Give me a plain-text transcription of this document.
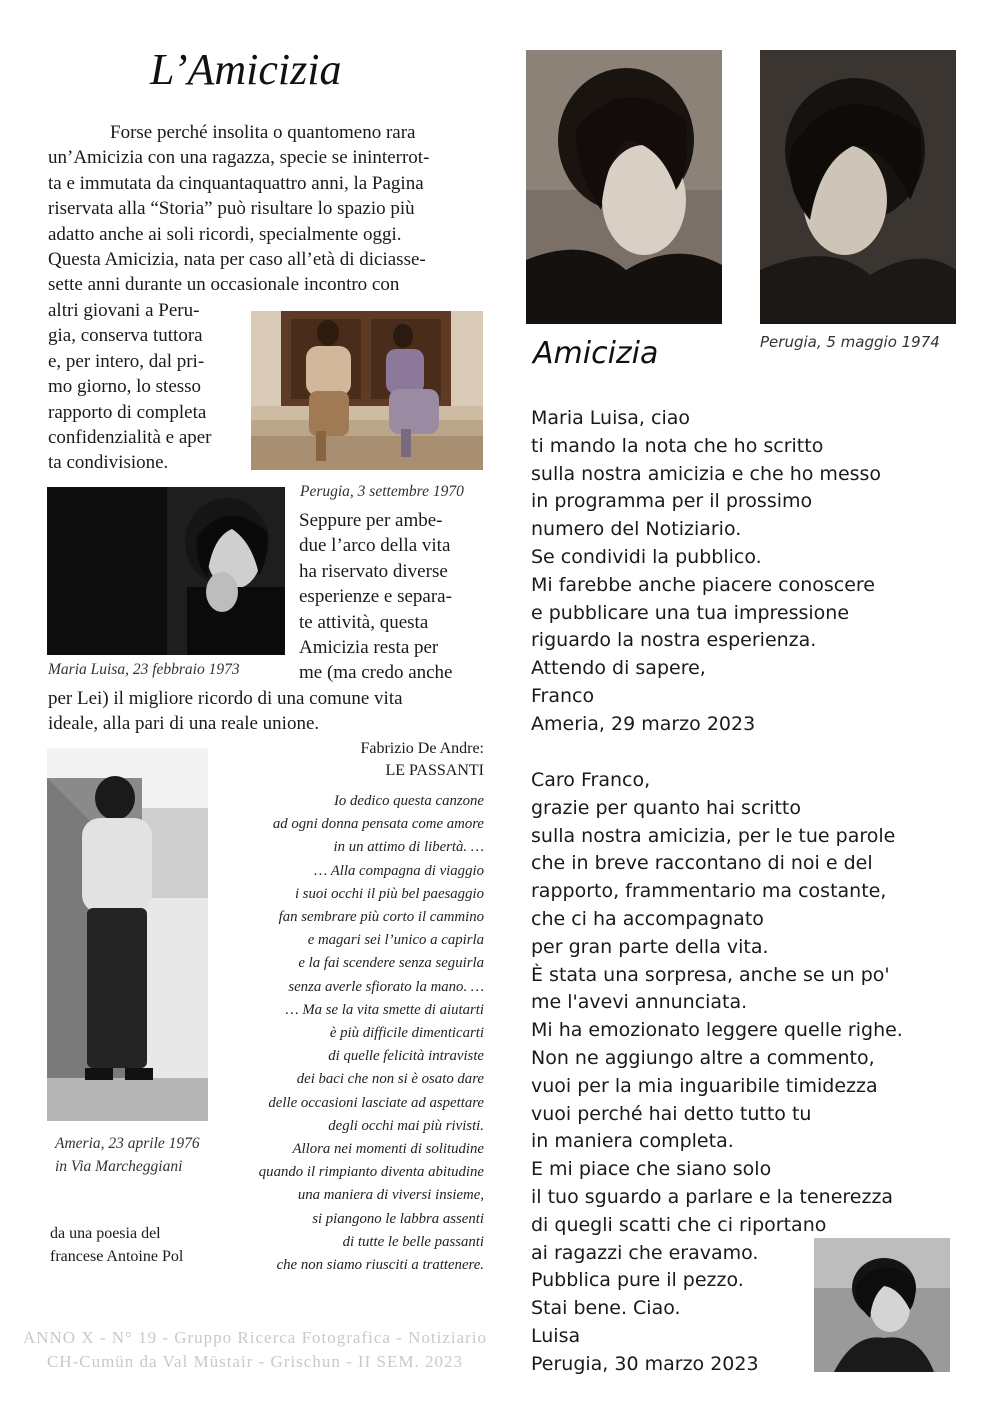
L’Amicizia
Forse perché insolita o quantomeno rara
un’Amicizia con una ragazza, specie se ininterrot-
ta e immutata da cinquantaquattro anni, la Pagina
riservata alla “Storia” può risultare lo spazio più
adatto anche ai soli ricordi, specialmente oggi.
Questa Amicizia, nata per caso all’età di diciasse-
sette anni durante un occasionale incontro con
altri giovani a Peru-
gia, conserva tuttora
e, per intero, dal pri-
mo giorno, lo stesso
rapporto di completa
confidenzialità e aper
ta condivisione.
Perugia, 3 settembre 1970
Seppure per ambe-
due l’arco della vita
ha riservato diverse
esperienze e separa-
te attività, questa
Amicizia resta per
me (ma credo anche
Maria Luisa, 23 febbraio 1973
per Lei) il migliore ricordo di una comune vita
ideale, alla pari di una reale unione.
Fabrizio De Andre:
LE PASSANTI
Io dedico questa canzone
ad ogni donna pensata come amore
in un attimo di libertà. …
… Alla compagna di viaggio
i suoi occhi il più bel paesaggio
fan sembrare più corto il cammino
e magari sei l’unico a capirla
e la fai scendere senza seguirla
senza averle sfiorato la mano. …
… Ma se la vita smette di aiutarti
è più difficile dimenticarti
di quelle felicità intraviste
dei baci che non si è osato dare
delle occasioni lasciate ad aspettare
degli occhi mai più rivisti.
Allora nei momenti di solitudine
quando il rimpianto diventa abitudine
una maniera di viversi insieme,
si piangono le labbra assenti
di tutte le belle passanti
che non siamo riusciti a trattenere.
Ameria, 23 aprile 1976
in Via Marcheggiani
da una poesia del
francese Antoine Pol
ANNO X - N° 19 - Gruppo Ricerca Fotografica - Notiziario
CH-Cumün da Val Müstair - Grischun - II SEM. 2023
Perugia, 5 maggio 1974
Amicizia
Maria Luisa, ciao
ti mando la nota che ho scritto
sulla nostra amicizia e che ho messo
in programma per il prossimo
numero del Notiziario.
Se condividi la pubblico.
Mi farebbe anche piacere conoscere
e pubblicare una tua impressione
riguardo la nostra esperienza.
Attendo di sapere,
Franco
Ameria, 29 marzo 2023
Caro Franco,
grazie per quanto hai scritto
sulla nostra amicizia, per le tue parole
che in breve raccontano di noi e del
rapporto, frammentario ma costante,
che ci ha accompagnato
per gran parte della vita.
È stata una sorpresa, anche se un po'
me l'avevi annunciata.
Mi ha emozionato leggere quelle righe.
Non ne aggiungo altre a commento,
vuoi per la mia inguaribile timidezza
vuoi perché hai detto tutto tu
in maniera completa.
E mi piace che siano solo
il tuo sguardo a parlare e la tenerezza
di quegli scatti che ci riportano
ai ragazzi che eravamo.
Pubblica pure il pezzo.
Stai bene. Ciao.
Luisa
Perugia, 30 marzo 2023
